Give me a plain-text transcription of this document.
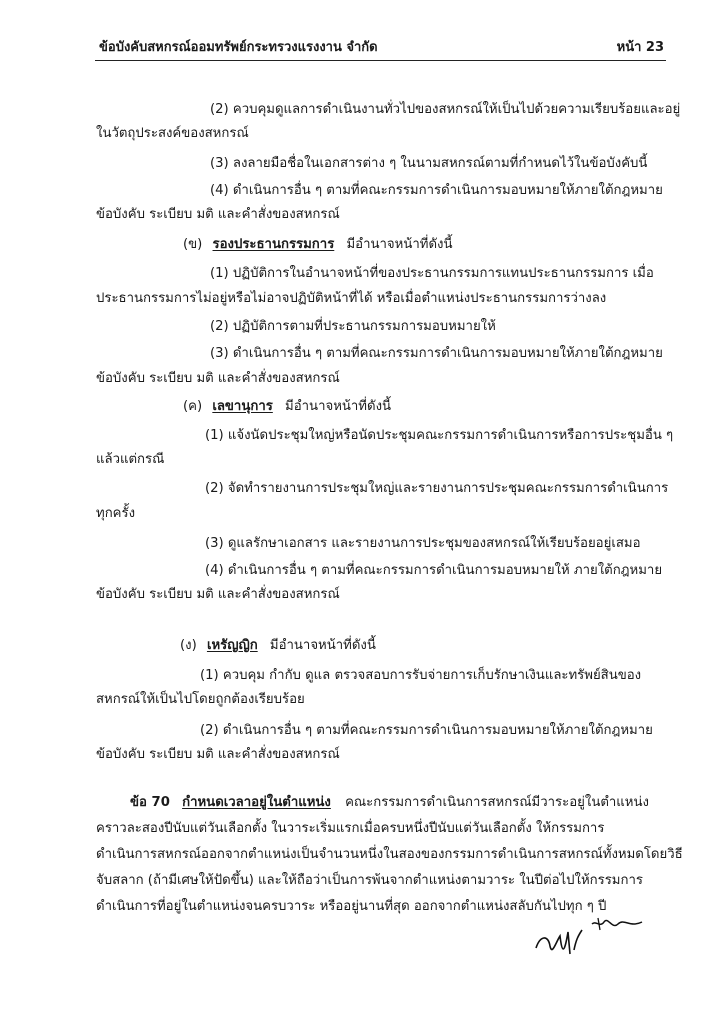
ข้อบังคับสหกรณ์ออมทรัพย์กระทรวงแรงงาน จำกัด	หน้า 23
(2) ควบคุมดูแลการดำเนินงานทั่วไปของสหกรณ์ให้เป็นไปด้วยความเรียบร้อยและอยู่
ในวัตถุประสงค์ของสหกรณ์
(3) ลงลายมือชื่อในเอกสารต่าง ๆ ในนามสหกรณ์ตามที่กำหนดไว้ในข้อบังคับนี้
(4) ดำเนินการอื่น ๆ ตามที่คณะกรรมการดำเนินการมอบหมายให้ภายใต้กฎหมาย
ข้อบังคับ ระเบียบ มติ และคำสั่งของสหกรณ์
(ข) รองประธานกรรมการ มีอำนาจหน้าที่ดังนี้
(1) ปฏิบัติการในอำนาจหน้าที่ของประธานกรรมการแทนประธานกรรมการ เมื่อ
ประธานกรรมการไม่อยู่หรือไม่อาจปฏิบัติหน้าที่ได้ หรือเมื่อตำแหน่งประธานกรรมการว่างลง
(2) ปฏิบัติการตามที่ประธานกรรมการมอบหมายให้
(3) ดำเนินการอื่น ๆ ตามที่คณะกรรมการดำเนินการมอบหมายให้ภายใต้กฎหมาย
ข้อบังคับ ระเบียบ มติ และคำสั่งของสหกรณ์
(ค) เลขานุการ มีอำนาจหน้าที่ดังนี้
(1) แจ้งนัดประชุมใหญ่หรือนัดประชุมคณะกรรมการดำเนินการหรือการประชุมอื่น ๆ
แล้วแต่กรณี
(2) จัดทำรายงานการประชุมใหญ่และรายงานการประชุมคณะกรรมการดำเนินการ
ทุกครั้ง
(3) ดูแลรักษาเอกสาร และรายงานการประชุมของสหกรณ์ให้เรียบร้อยอยู่เสมอ
(4) ดำเนินการอื่น ๆ ตามที่คณะกรรมการดำเนินการมอบหมายให้ ภายใต้กฎหมาย
ข้อบังคับ ระเบียบ มติ และคำสั่งของสหกรณ์
(ง) เหรัญญิก มีอำนาจหน้าที่ดังนี้
(1) ควบคุม กำกับ ดูแล ตรวจสอบการรับจ่ายการเก็บรักษาเงินและทรัพย์สินของ
สหกรณ์ให้เป็นไปโดยถูกต้องเรียบร้อย
(2) ดำเนินการอื่น ๆ ตามที่คณะกรรมการดำเนินการมอบหมายให้ภายใต้กฎหมาย
ข้อบังคับ ระเบียบ มติ และคำสั่งของสหกรณ์
ข้อ 70 กำหนดเวลาอยู่ในตำแหน่ง คณะกรรมการดำเนินการสหกรณ์มีวาระอยู่ในตำแหน่ง
คราวละสองปีนับแต่วันเลือกตั้ง ในวาระเริ่มแรกเมื่อครบหนึ่งปีนับแต่วันเลือกตั้ง ให้กรรมการ
ดำเนินการสหกรณ์ออกจากตำแหน่งเป็นจำนวนหนึ่งในสองของกรรมการดำเนินการสหกรณ์ทั้งหมดโดยวิธี
จับสลาก (ถ้ามีเศษให้ปัดขึ้น) และให้ถือว่าเป็นการพ้นจากตำแหน่งตามวาระ ในปีต่อไปให้กรรมการ
ดำเนินการที่อยู่ในตำแหน่งจนครบวาระ หรืออยู่นานที่สุด ออกจากตำแหน่งสลับกันไปทุก ๆ ปี
